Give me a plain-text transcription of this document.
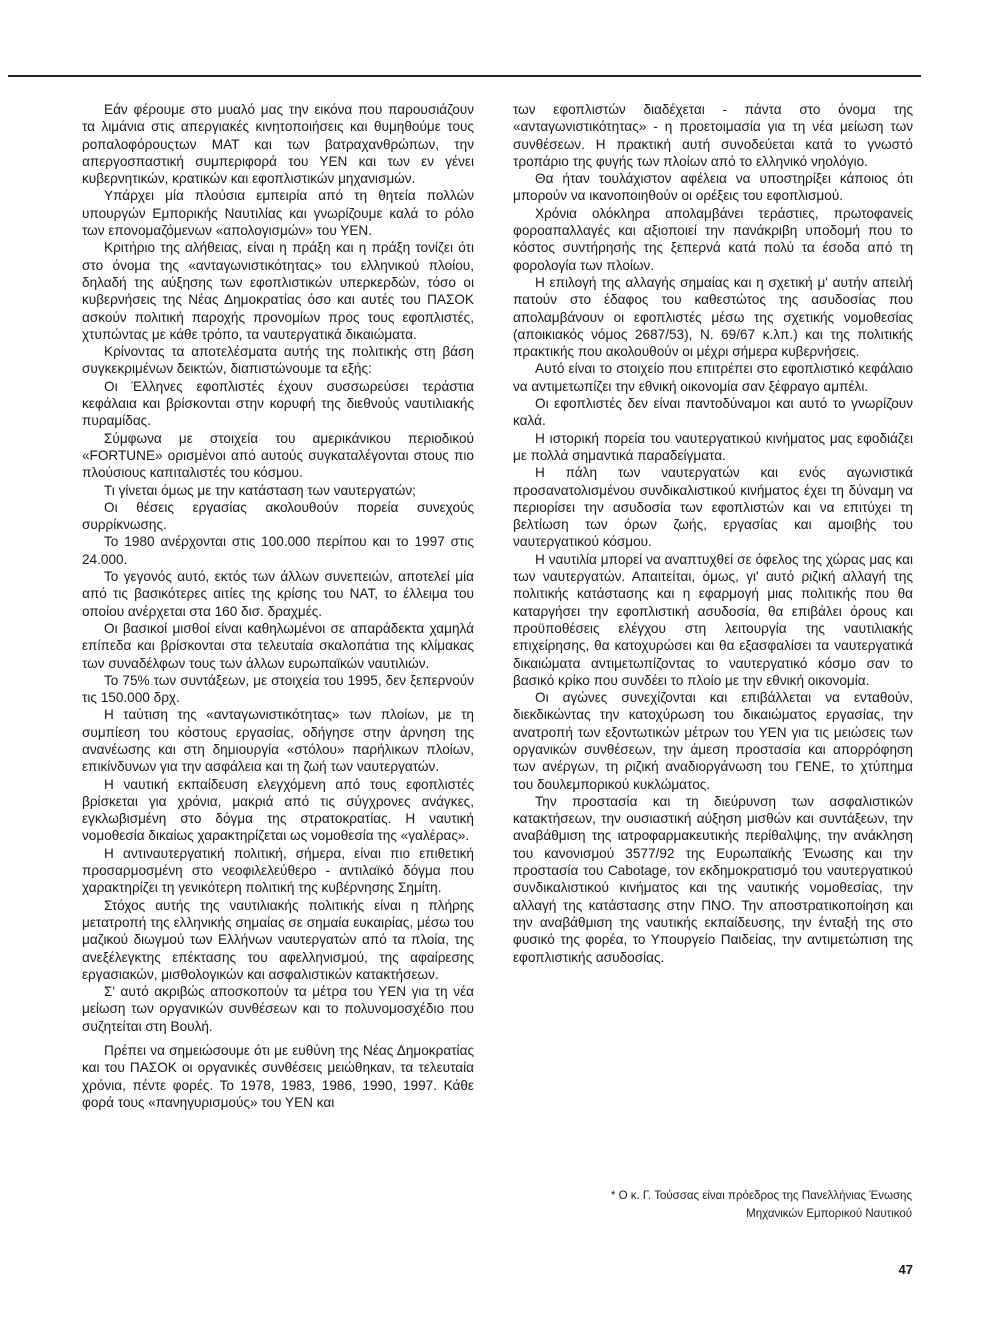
Εάν φέρουμε στο μυαλό μας την εικόνα που παρουσιάζουν τα λιμάνια στις απεργιακές κινητοποιήσεις και θυμηθούμε τους ροπαλοφόρουςτων ΜΑΤ και των βατραχανθρώπων, την απεργοσπαστική συμπεριφορά του ΥΕΝ και των εν γένει κυβερνητικών, κρατικών και εφοπλιστικών μηχανισμών.

Υπάρχει μία πλούσια εμπειρία από τη θητεία πολλών υπουργών Εμπορικής Ναυτιλίας και γνωρίζουμε καλά το ρόλο των επονομαζόμενων «απολογισμών» του ΥΕΝ.

Κριτήριο της αλήθειας, είναι η πράξη και η πράξη τονίζει ότι στο όνομα της «ανταγωνιστικότητας» του ελληνικού πλοίου, δηλαδή της αύξησης των εφοπλιστικών υπερκερδών, τόσο οι κυβερνήσεις της Νέας Δημοκρατίας όσο και αυτές του ΠΑΣΟΚ ασκούν πολιτική παροχής προνομίων προς τους εφοπλιστές, χτυπώντας με κάθε τρόπο, τα ναυτεργατικά δικαιώματα.

Κρίνοντας τα αποτελέσματα αυτής της πολιτικής στη βάση συγκεκριμένων δεικτών, διαπιστώνουμε τα εξής:

Οι Έλληνες εφοπλιστές έχουν συσσωρεύσει τεράστια κεφάλαια και βρίσκονται στην κορυφή της διεθνούς ναυτιλιακής πυραμίδας.

Σύμφωνα με στοιχεία του αμερικάνικου περιοδικού «FORTUNE» ορισμένοι από αυτούς συγκαταλέγονται στους πιο πλούσιους καπιταλιστές του κόσμου.

Τι γίνεται όμως με την κατάσταση των ναυτεργατών;

Οι θέσεις εργασίας ακολουθούν πορεία συνεχούς συρρίκνωσης.

Το 1980 ανέρχονται στις 100.000 περίπου και το 1997 στις 24.000.

Το γεγονός αυτό, εκτός των άλλων συνεπειών, αποτελεί μία από τις βασικότερες αιτίες της κρίσης του ΝΑΤ, το έλλειμα του οποίου ανέρχεται στα 160 δισ. δραχμές.

Οι βασικοί μισθοί είναι καθηλωμένοι σε απαράδεκτα χαμηλά επίπεδα και βρίσκονται στα τελευταία σκαλοπάτια της κλίμακας των συναδέλφων τους των άλλων ευρωπαϊκών ναυτιλιών.

Το 75% των συντάξεων, με στοιχεία του 1995, δεν ξεπερνούν τις 150.000 δρχ.

Η ταύτιση της «ανταγωνιστικότητας» των πλοίων, με τη συμπίεση του κόστους εργασίας, οδήγησε στην άρνηση της ανανέωσης και στη δημιουργία «στόλου» παρήλικων πλοίων, επικίνδυνων για την ασφάλεια και τη ζωή των ναυτεργατών.

Η ναυτική εκπαίδευση ελεγχόμενη από τους εφοπλιστές βρίσκεται για χρόνια, μακριά από τις σύγχρονες ανάγκες, εγκλωβισμένη στο δόγμα της στρατοκρατίας. Η ναυτική νομοθεσία δικαίως χαρακτηρίζεται ως νομοθεσία της «γαλέρας».

Η αντιναυτεργατική πολιτική, σήμερα, είναι πιο επιθετική προσαρμοσμένη στο νεοφιλελεύθερο - αντιλαϊκό δόγμα που χαρακτηρίζει τη γενικότερη πολιτική της κυβέρνησης Σημίτη.

Στόχος αυτής της ναυτιλιακής πολιτικής είναι η πλήρης μετατροπή της ελληνικής σημαίας σε σημαία ευκαιρίας, μέσω του μαζικού διωγμού των Ελλήνων ναυτεργατών από τα πλοία, της ανεξέλεγκτης επέκτασης του αφελληνισμού, της αφαίρεσης εργασιακών, μισθολογικών και ασφαλιστικών κατακτήσεων.

Σ' αυτό ακριβώς αποσκοπούν τα μέτρα του ΥΕΝ για τη νέα μείωση των οργανικών συνθέσεων και το πολυνομοσχέδιο που συζητείται στη Βουλή.

Πρέπει να σημειώσουμε ότι με ευθύνη της Νέας Δημοκρατίας και του ΠΑΣΟΚ οι οργανικές συνθέσεις μειώθηκαν, τα τελευταία χρόνια, πέντε φορές. Το 1978, 1983, 1986, 1990, 1997. Κάθε φορά τους «πανηγυρισμούς» του ΥΕΝ και

των εφοπλιστών διαδέχεται - πάντα στο όνομα της «ανταγωνιστικότητας» - η προετοιμασία για τη νέα μείωση των συνθέσεων. Η πρακτική αυτή συνοδεύεται κατά το γνωστό τροπάριο της φυγής των πλοίων από το ελληνικό νηολόγιο.

Θα ήταν τουλάχιστον αφέλεια να υποστηρίξει κάποιος ότι μπορούν να ικανοποιηθούν οι ορέξεις του εφοπλισμού.

Χρόνια ολόκληρα απολαμβάνει τεράστιες, πρωτοφανείς φοροαπαλλαγές και αξιοποιεί την πανάκριβη υποδομή που το κόστος συντήρησής της ξεπερνά κατά πολύ τα έσοδα από τη φορολογία των πλοίων.

Η επιλογή της αλλαγής σημαίας και η σχετική μ' αυτήν απειλή πατούν στο έδαφος του καθεστώτος της ασυδοσίας που απολαμβάνουν οι εφοπλιστές μέσω της σχετικής νομοθεσίας (αποικιακός νόμος 2687/53), Ν. 69/67 κ.λπ.) και της πολιτικής πρακτικής που ακολουθούν οι μέχρι σήμερα κυβερνήσεις.

Αυτό είναι το στοιχείο που επιτρέπει στο εφοπλιστικό κεφάλαιο να αντιμετωπίζει την εθνική οικονομία σαν ξέφραγο αμπέλι.

Οι εφοπλιστές δεν είναι παντοδύναμοι και αυτό το γνωρίζουν καλά.

Η ιστορική πορεία του ναυτεργατικού κινήματος μας εφοδιάζει με πολλά σημαντικά παραδείγματα.

Η πάλη των ναυτεργατών και ενός αγωνιστικά προσανατολισμένου συνδικαλιστικού κινήματος έχει τη δύναμη να περιορίσει την ασυδοσία των εφοπλιστών και να επιτύχει τη βελτίωση των όρων ζωής, εργασίας και αμοιβής του ναυτεργατικού κόσμου.

Η ναυτιλία μπορεί να αναπτυχθεί σε όφελος της χώρας μας και των ναυτεργατών. Απαιτείται, όμως, γι' αυτό ριζική αλλαγή της πολιτικής κατάστασης και η εφαρμογή μιας πολιτικής που θα καταργήσει την εφοπλιστική ασυδοσία, θα επιβάλει όρους και προϋποθέσεις ελέγχου στη λειτουργία της ναυτιλιακής επιχείρησης, θα κατοχυρώσει και θα εξασφαλίσει τα ναυτεργατικά δικαιώματα αντιμετωπίζοντας το ναυτεργατικό κόσμο σαν το βασικό κρίκο που συνδέει το πλοίο με την εθνική οικονομία.

Οι αγώνες συνεχίζονται και επιβάλλεται να ενταθούν, διεκδικώντας την κατοχύρωση του δικαιώματος εργασίας, την ανατροπή των εξοντωτικών μέτρων του ΥΕΝ για τις μειώσεις των οργανικών συνθέσεων, την άμεση προστασία και απορρόφηση των ανέργων, τη ριζική αναδιοργάνωση του ΓΕΝΕ, το χτύπημα του δουλεμπορικού κυκλώματος.

Την προστασία και τη διεύρυνση των ασφαλιστικών κατακτήσεων, την ουσιαστική αύξηση μισθών και συντάξεων, την αναβάθμιση της ιατροφαρμακευτικής περίθαλψης, την ανάκληση του κανονισμού 3577/92 της Ευρωπαϊκής Ένωσης και την προστασία του Cabotage, τον εκδημοκρατισμό του ναυτεργατικού συνδικαλιστικού κινήματος και της ναυτικής νομοθεσίας, την αλλαγή της κατάστασης στην ΠΝΟ. Την αποστρατικοποίηση και την αναβάθμιση της ναυτικής εκπαίδευσης, την ένταξή της στο φυσικό της φορέα, το Υπουργείο Παιδείας, την αντιμετώπιση της εφοπλιστικής ασυδοσίας.

* Ο κ. Γ. Τούσσας είναι πρόεδρος της Πανελλήνιας Ένωσης
Μηχανικών Εμπορικού Ναυτικού
47
